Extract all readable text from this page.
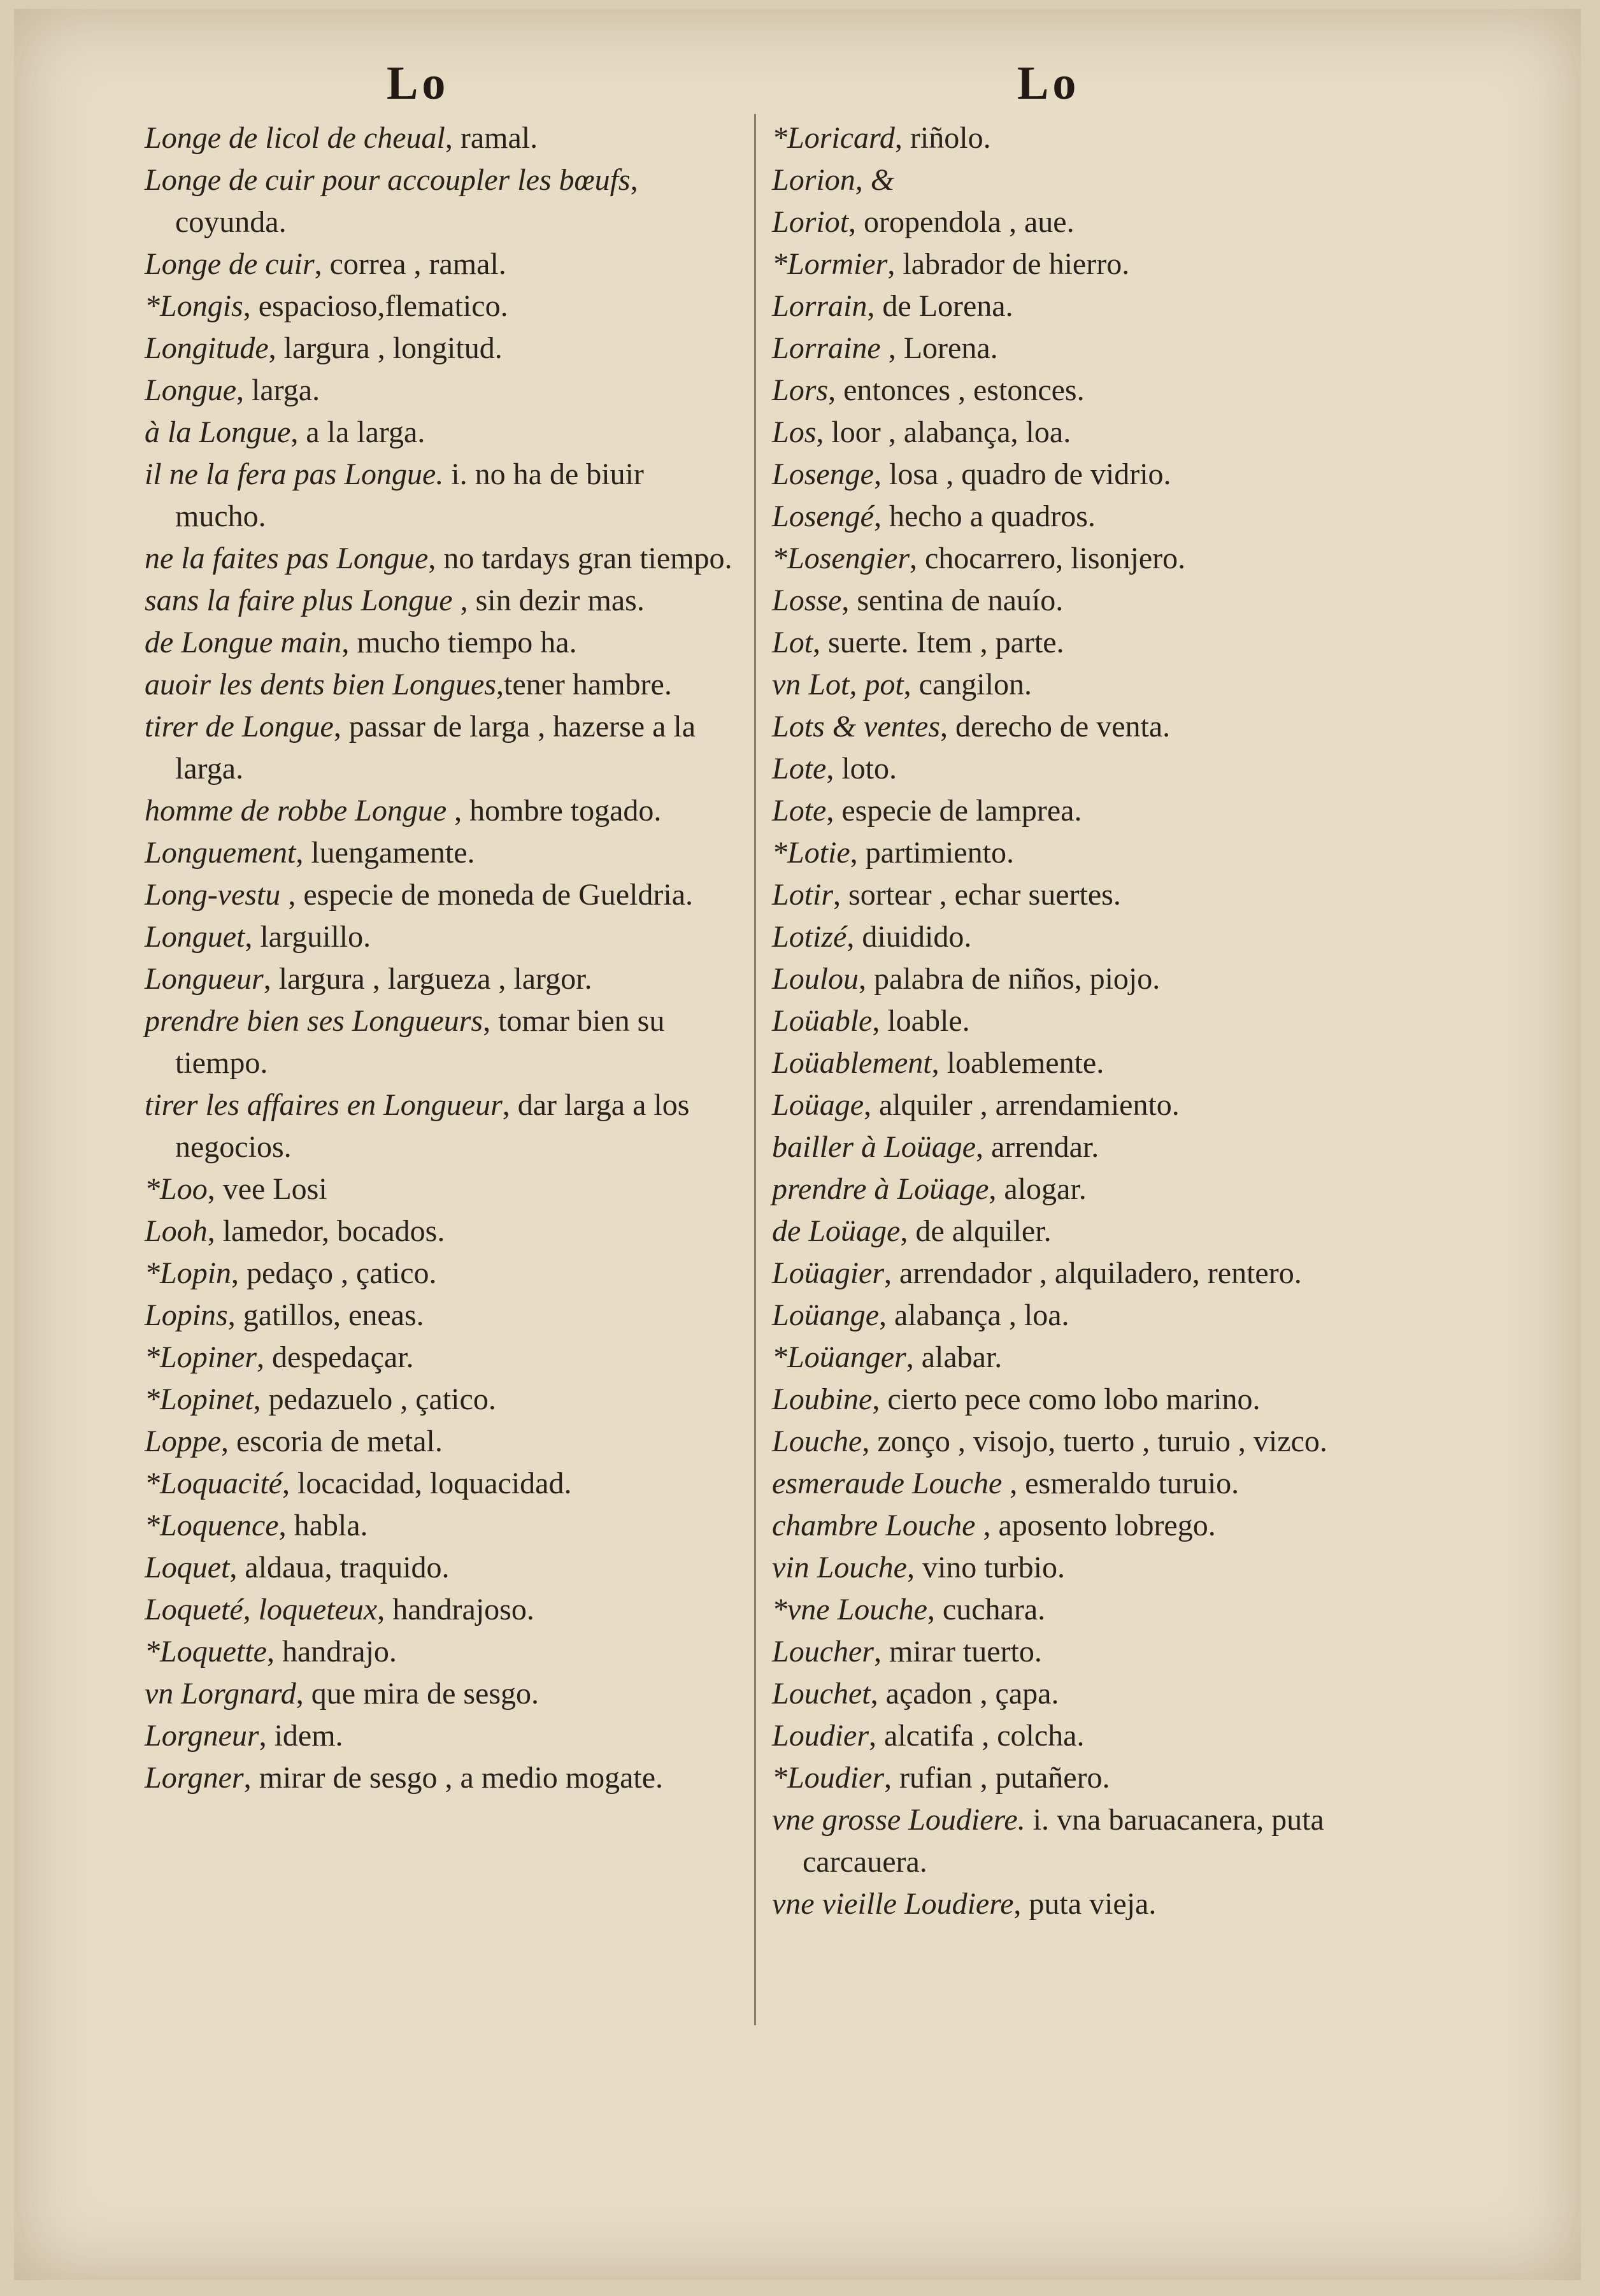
Lo	Lo

Longe de licol de cheual, ramal.

Longe de cuir pour accoupler les bœufs, coyunda.

Longe de cuir, correa , ramal.

*Longis, espacioso,flematico.

Longitude, largura , longitud.

Longue, larga.

à la Longue, a la larga.

il ne la fera pas Longue. i. no ha de biuir mucho.

ne la faites pas Longue, no tardays gran tiempo.

sans la faire plus Longue , sin dezir mas.

de Longue main, mucho tiempo ha.

auoir les dents bien Longues,tener hambre.

tirer de Longue, passar de larga , hazerse a la larga.

homme de robbe Longue , hombre togado.

Longuement, luengamente.

Long-vestu , especie de moneda de Gueldria.

Longuet, larguillo.

Longueur, largura , largueza , largor.

prendre bien ses Longueurs, tomar bien su tiempo.

tirer les affaires en Longueur, dar larga a los negocios.

*Loo, vee Losi

Looh, lamedor, bocados.

*Lopin, pedaço , çatico.

Lopins, gatillos, eneas.

*Lopiner, despedaçar.

*Lopinet, pedazuelo , çatico.

Loppe, escoria de metal.

*Loquacité, locacidad, loquacidad.

*Loquence, habla.

Loquet, aldaua, traquido.

Loqueté, loqueteux, handrajoso.

*Loquette, handrajo.

vn Lorgnard, que mira de sesgo.

Lorgneur, idem.

Lorgner, mirar de sesgo , a medio mogate.

*Loricard, riñolo.

Lorion, &

Loriot, oropendola , aue.

*Lormier, labrador de hierro.

Lorrain, de Lorena.

Lorraine , Lorena.

Lors, entonces , estonces.

Los, loor , alabança, loa.

Losenge, losa , quadro de vidrio.

Losengé, hecho a quadros.

*Losengier, chocarrero, lisonjero.

Losse, sentina de nauío.

Lot, suerte. Item , parte.

vn Lot, pot, cangilon.

Lots & ventes, derecho de venta.

Lote, loto.

Lote, especie de lamprea.

*Lotie, partimiento.

Lotir, sortear , echar suertes.

Lotizé, diuidido.

Loulou, palabra de niños, piojo.

Loüable, loable.

Loüablement, loablemente.

Loüage, alquiler , arrendamiento.

bailler à Loüage, arrendar.

prendre à Loüage, alogar.

de Loüage, de alquiler.

Loüagier, arrendador , alquiladero, rentero.

Loüange, alabança , loa.

*Loüanger, alabar.

Loubine, cierto pece como lobo marino.

Louche, zonço , visojo, tuerto , turuio , vizco.

esmeraude Louche , esmeraldo turuio.

chambre Louche , aposento lobrego.

vin Louche, vino turbio.

*vne Louche, cuchara.

Loucher, mirar tuerto.

Louchet, açadon , çapa.

Loudier, alcatifa , colcha.

*Loudier, rufian , putañero.

vne grosse Loudiere. i. vna baruacanera, puta carcauera.

vne vieille Loudiere, puta vieja.
